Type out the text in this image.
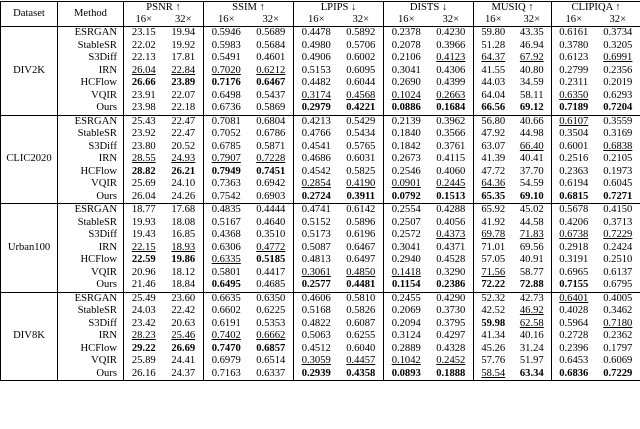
Dataset	Method	PSNR ↑		SSIM ↑		LPIPS ↓		DISTS ↓		MUSIQ ↑		CLIPIQA ↑	
		16×	32×	16×	32×	16×	32×	16×	32×	16×	32×	16×	32×
DIV2K	ESRGAN	23.15	19.94	0.5946	0.5689	0.4478	0.5892	0.2378	0.4230	59.80	43.35	0.6161	0.3734
	StableSR	22.02	19.92	0.5983	0.5684	0.4980	0.5706	0.2078	0.3966	51.28	46.94	0.3780	0.3205
	S3Diff	22.13	17.81	0.5491	0.4601	0.4906	0.6002	0.2106	0.4123	64.37	67.92	0.6123	0.6991
	IRN	26.04	22.84	0.7020	0.6212	0.5153	0.6095	0.3041	0.4306	41.55	40.80	0.2799	0.2356
	HCFlow	26.66	23.89	0.7176	0.6467	0.4482	0.6044	0.2690	0.4399	44.03	34.59	0.2311	0.2019
	VQIR	23.91	22.07	0.6498	0.5437	0.3174	0.4568	0.1024	0.2663	64.04	58.11	0.6350	0.6293
	Ours	23.98	22.18	0.6736	0.5869	0.2979	0.4221	0.0886	0.1684	66.56	69.12	0.7189	0.7204
CLIC2020	ESRGAN	25.43	22.47	0.7081	0.6804	0.4213	0.5429	0.2139	0.3962	56.80	40.66	0.6107	0.3559
	StableSR	23.92	22.47	0.7052	0.6786	0.4766	0.5434	0.1840	0.3566	47.92	44.98	0.3504	0.3169
	S3Diff	23.80	20.52	0.6785	0.5871	0.4541	0.5765	0.1842	0.3761	63.07	66.40	0.6001	0.6838
	IRN	28.55	24.93	0.7907	0.7228	0.4686	0.6031	0.2673	0.4115	41.39	40.41	0.2516	0.2105
	HCFlow	28.82	26.21	0.7949	0.7451	0.4542	0.5825	0.2546	0.4060	47.72	37.70	0.2363	0.1973
	VQIR	25.69	24.10	0.7363	0.6942	0.2854	0.4190	0.0901	0.2445	64.36	54.59	0.6194	0.6045
	Ours	26.04	24.26	0.7542	0.6903	0.2724	0.3911	0.0792	0.1513	65.35	69.10	0.6815	0.7271
Urban100	ESRGAN	18.77	17.68	0.4835	0.4444	0.4741	0.6142	0.2554	0.4288	65.92	45.02	0.5678	0.4150
	StableSR	19.93	18.08	0.5167	0.4640	0.5152	0.5896	0.2507	0.4056	41.92	44.58	0.4206	0.3713
	S3Diff	19.43	16.85	0.4368	0.3510	0.5173	0.6196	0.2572	0.4373	69.78	71.83	0.6738	0.7229
	IRN	22.15	18.93	0.6306	0.4772	0.5087	0.6467	0.3041	0.4371	71.01	69.56	0.2918	0.2424
	HCFlow	22.59	19.86	0.6335	0.5185	0.4813	0.6497	0.2940	0.4528	57.05	40.91	0.3191	0.2510
	VQIR	20.96	18.12	0.5801	0.4417	0.3061	0.4850	0.1418	0.3290	71.56	58.77	0.6965	0.6137
	Ours	21.46	18.84	0.6495	0.4685	0.2577	0.4481	0.1154	0.2386	72.22	72.88	0.7155	0.6795
DIV8K	ESRGAN	25.49	23.60	0.6635	0.6350	0.4606	0.5810	0.2455	0.4290	52.32	42.73	0.6401	0.4005
	StableSR	24.03	22.42	0.6602	0.6225	0.5168	0.5826	0.2069	0.3730	42.52	46.92	0.4028	0.3462
	S3Diff	23.42	20.63	0.6191	0.5353	0.4822	0.6087	0.2094	0.3795	59.98	62.58	0.5964	0.7180
	IRN	28.23	25.46	0.7402	0.6662	0.5063	0.6255	0.3124	0.4297	41.34	40.16	0.2728	0.2362
	HCFlow	29.22	26.69	0.7470	0.6857	0.4512	0.6040	0.2889	0.4328	45.26	31.24	0.2396	0.1797
	VQIR	25.89	24.41	0.6979	0.6514	0.3059	0.4457	0.1042	0.2452	57.76	51.97	0.6453	0.6069
	Ours	26.16	24.37	0.7163	0.6337	0.2939	0.4358	0.0893	0.1888	58.54	63.34	0.6836	0.7229
